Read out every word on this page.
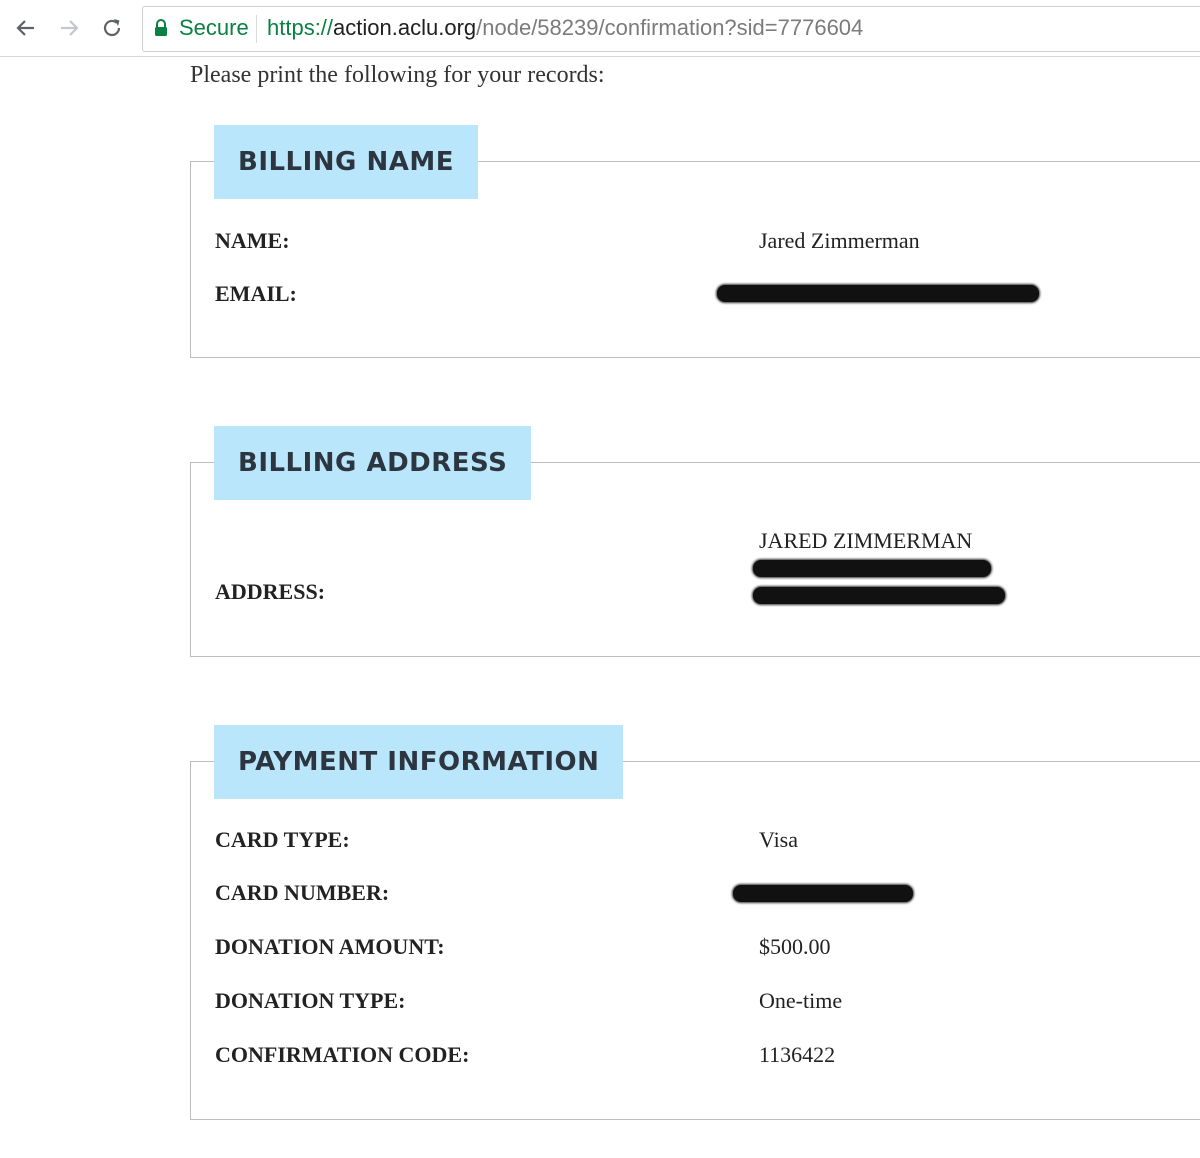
Secure https://action.aclu.org/node/58239/confirmation?sid=7776604
Please print the following for your records:
BILLING NAME
NAME:	Jared Zimmerman
EMAIL:
BILLING ADDRESS
ADDRESS:
JARED ZIMMERMAN
PAYMENT INFORMATION
CARD TYPE:	Visa
CARD NUMBER:
DONATION AMOUNT:	$500.00
DONATION TYPE:	One-time
CONFIRMATION CODE:	1136422
